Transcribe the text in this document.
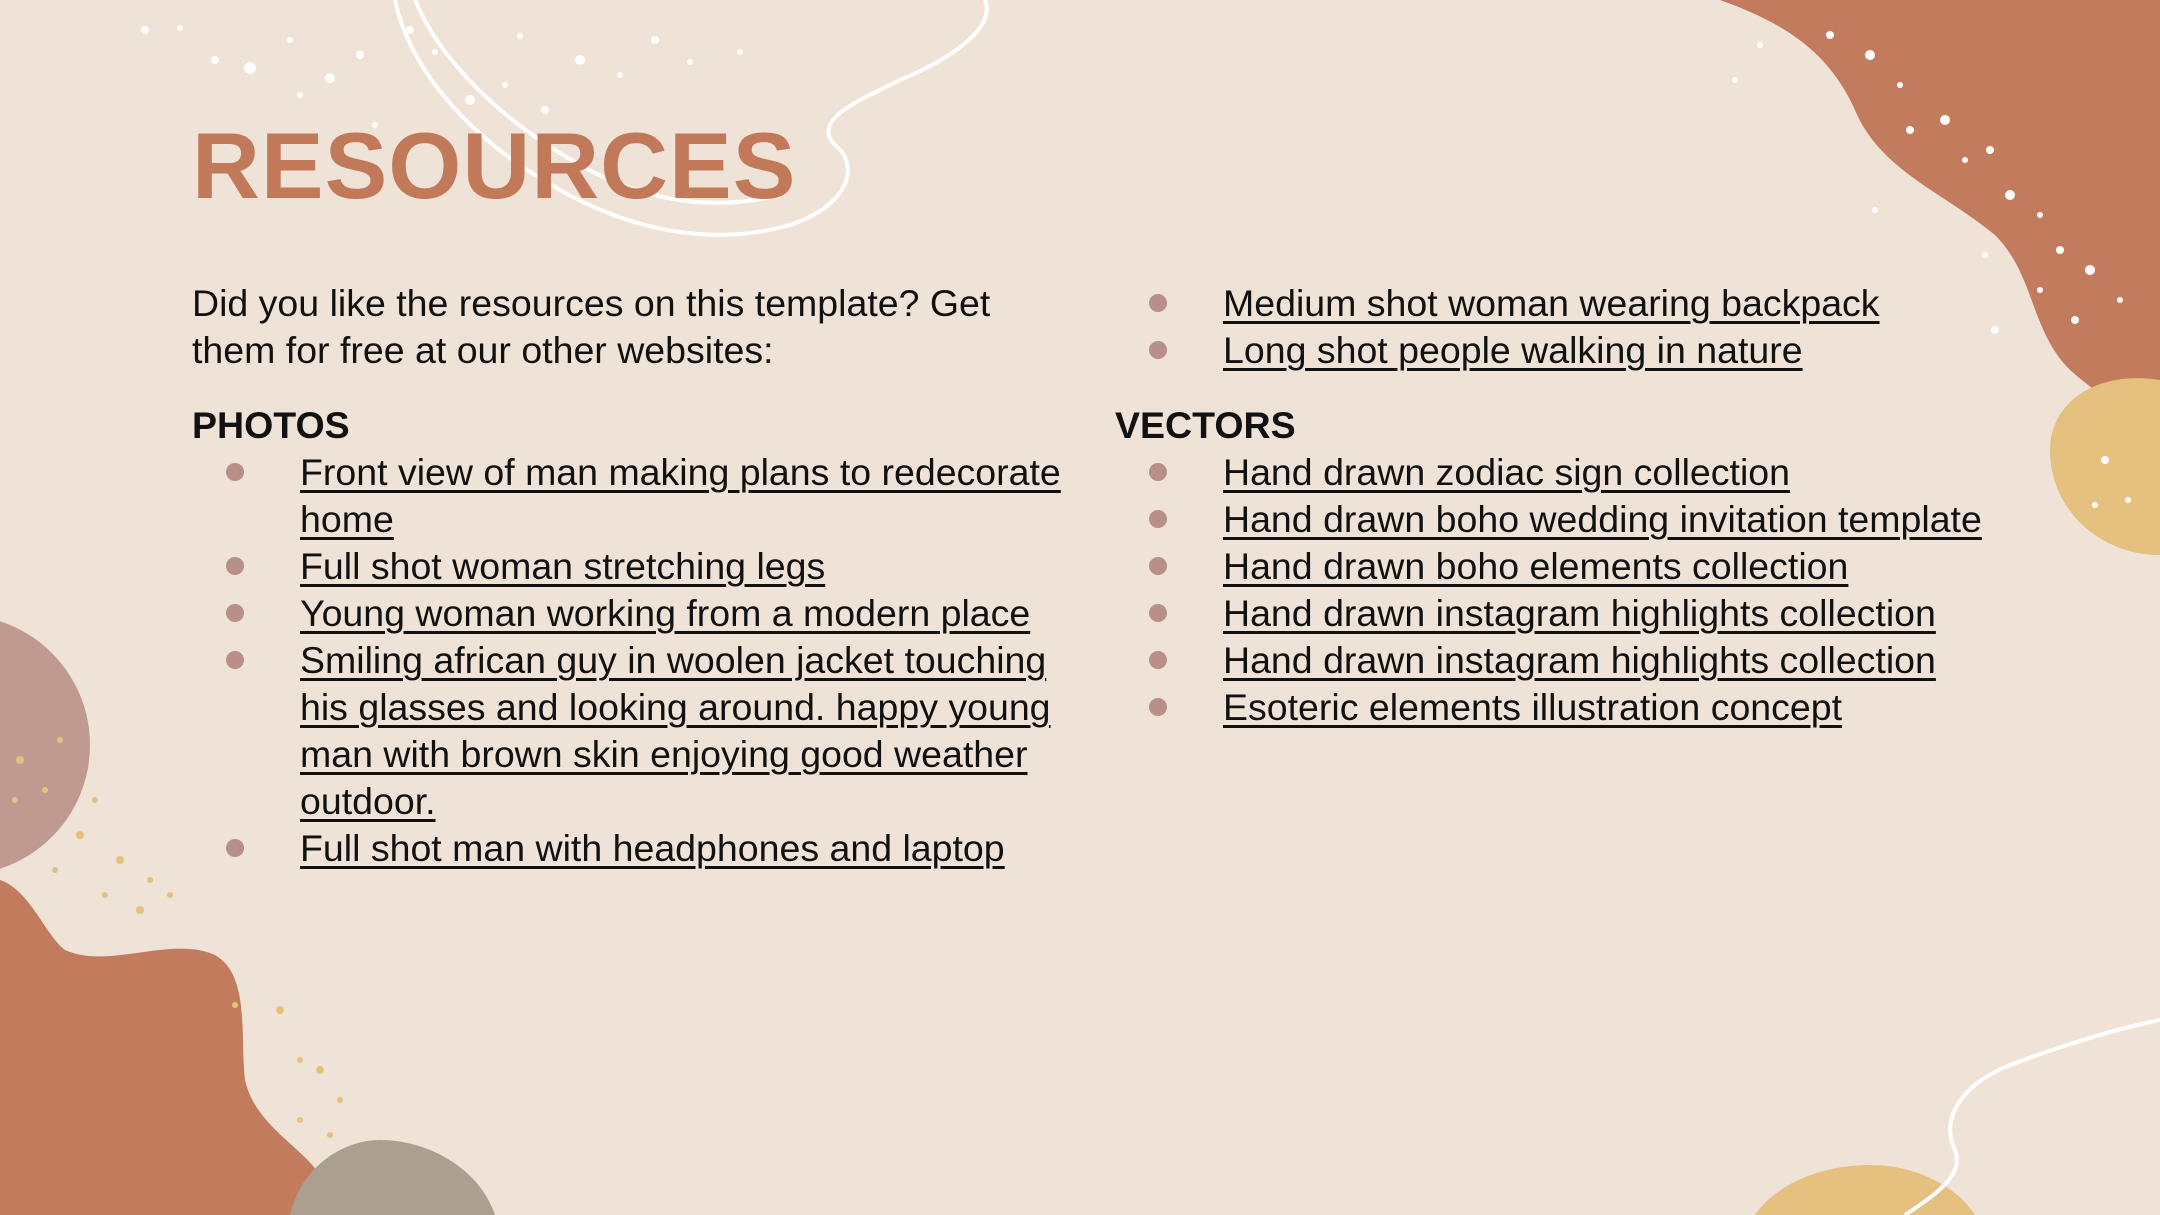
RESOURCES

Did you like the resources on this template? Get them for free at our other websites:

PHOTOS
Front view of man making plans to redecorate home
Full shot woman stretching legs
Young woman working from a modern place
Smiling african guy in woolen jacket touching his glasses and looking around. happy young man with brown skin enjoying good weather outdoor.
Full shot man with headphones and laptop
Medium shot woman wearing backpack
Long shot people walking in nature
VECTORS
Hand drawn zodiac sign collection
Hand drawn boho wedding invitation template
Hand drawn boho elements collection
Hand drawn instagram highlights collection
Hand drawn instagram highlights collection
Esoteric elements illustration concept
